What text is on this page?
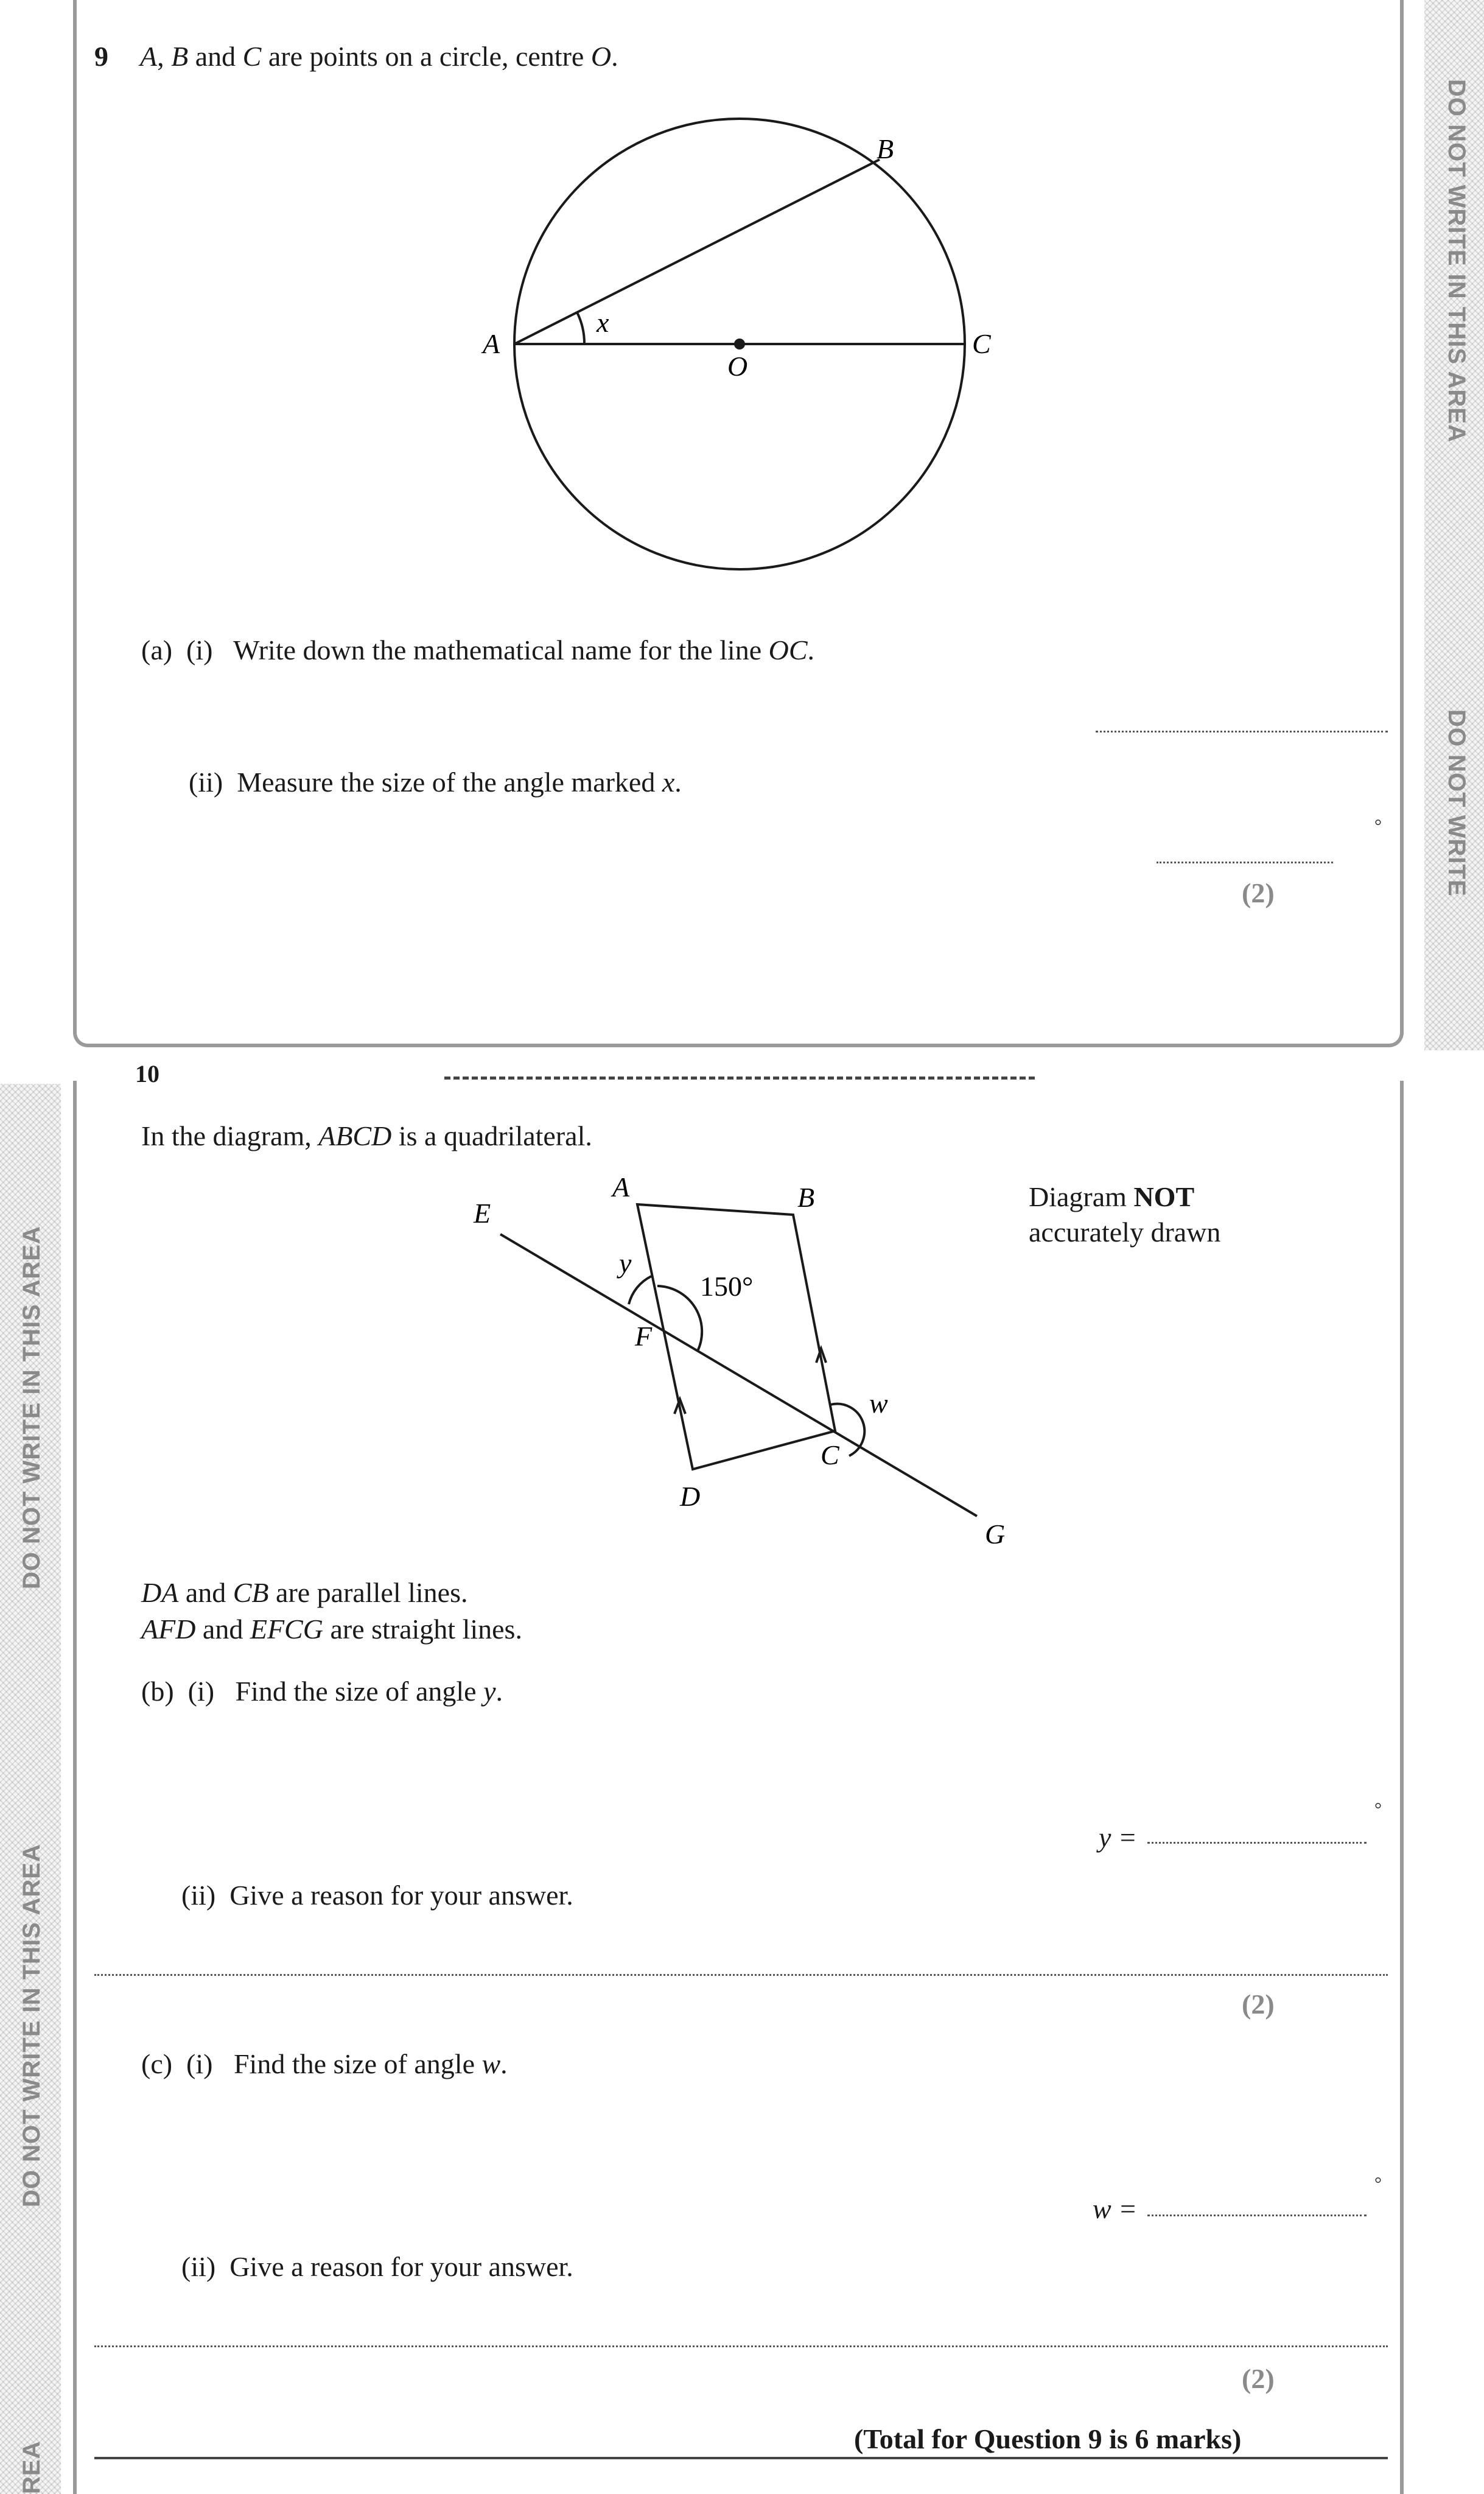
DO NOT WRITE IN THIS AREA
DO NOT WRITE
DO NOT WRITE IN THIS AREA
DO NOT WRITE IN THIS AREA
REA
9 A, B and C are points on a circle, centre O.
B
A	C
O
x
(a)  (i)   Write down the mathematical name for the line OC.
(ii)  Measure the size of the angle marked x.
°
(2)
10
In the diagram, ABCD is a quadrilateral.
Diagram NOT
accurately drawn
A	B
E
y
150°
F
w
C
D
G
DA and CB are parallel lines.
AFD and EFCG are straight lines.
(b)  (i)   Find the size of angle y.
°
y =
(ii)  Give a reason for your answer.
(2)
(c)  (i)   Find the size of angle w.
°
w =
(ii)  Give a reason for your answer.
(2)
(Total for Question 9 is 6 marks)
